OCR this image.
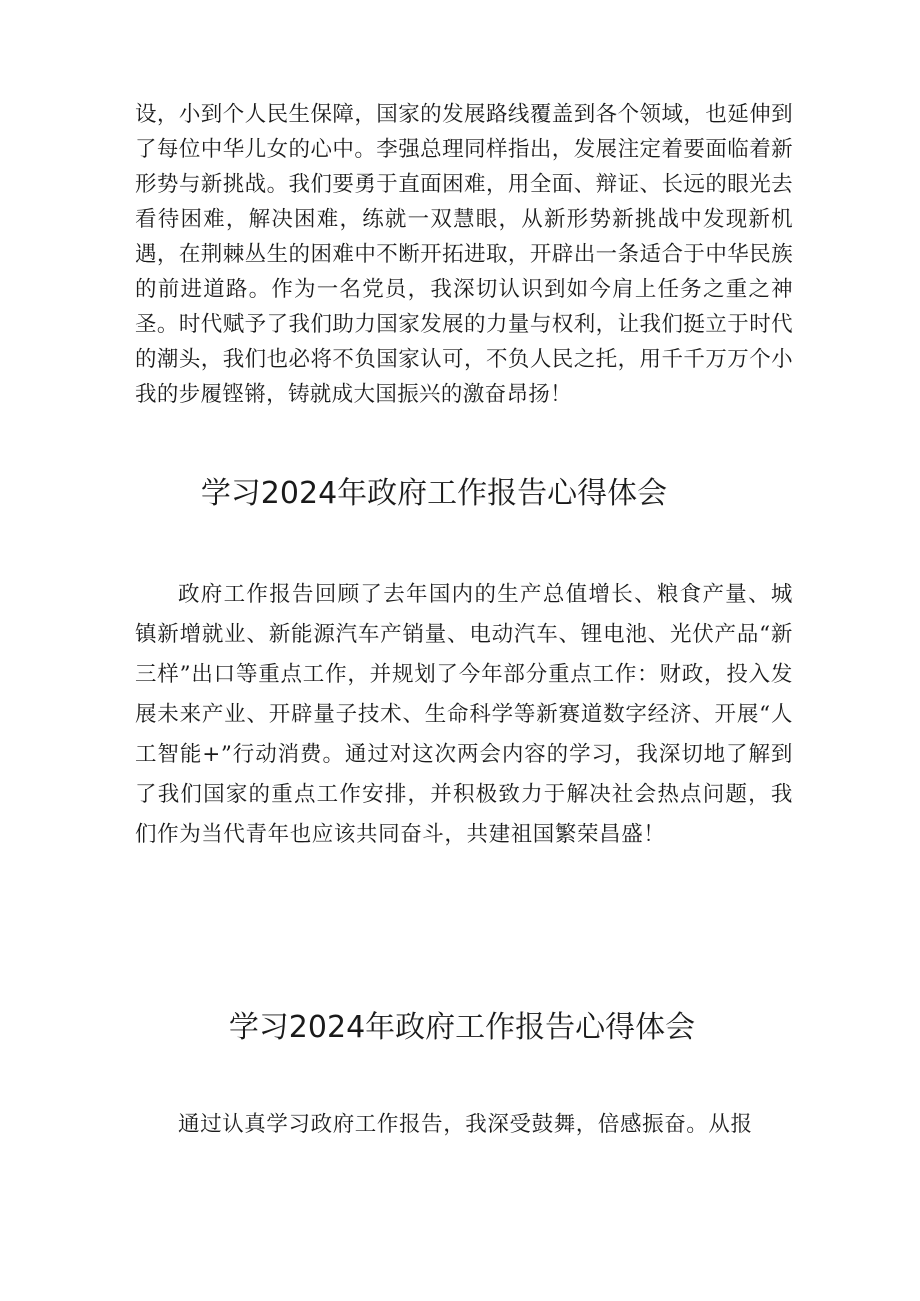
设，小到个人民生保障，国家的发展路线覆盖到各个领域，也延伸到了每位中华儿女的心中。李强总理同样指出，发展注定着要面临着新形势与新挑战。我们要勇于直面困难，用全面、辩证、长远的眼光去看待困难，解决困难，练就一双慧眼，从新形势新挑战中发现新机遇，在荆棘丛生的困难中不断开拓进取，开辟出一条适合于中华民族的前进道路。作为一名党员，我深切认识到如今肩上任务之重之神圣。时代赋予了我们助力国家发展的力量与权利，让我们挺立于时代的潮头，我们也必将不负国家认可，不负人民之托，用千千万万个小我的步履铿锵，铸就成大国振兴的激奋昂扬！

学习2024年政府工作报告心得体会

政府工作报告回顾了去年国内的生产总值增长、粮食产量、城镇新增就业、新能源汽车产销量、电动汽车、锂电池、光伏产品“新三样”出口等重点工作，并规划了今年部分重点工作：财政，投入发展未来产业、开辟量子技术、生命科学等新赛道数字经济、开展“人工智能+”行动消费。通过对这次两会内容的学习，我深切地了解到了我们国家的重点工作安排，并积极致力于解决社会热点问题，我们作为当代青年也应该共同奋斗，共建祖国繁荣昌盛！

学习2024年政府工作报告心得体会

通过认真学习政府工作报告，我深受鼓舞，倍感振奋。从报
